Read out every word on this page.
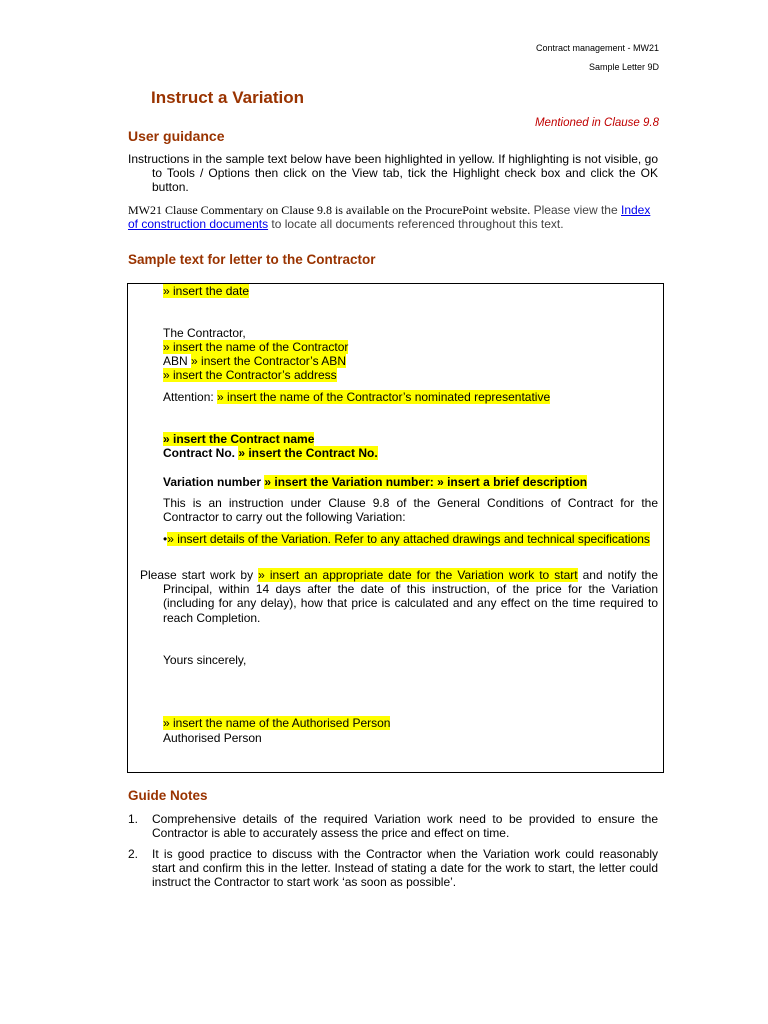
Contract management - MW21
Sample Letter 9D
Instruct a Variation
Mentioned in Clause 9.8
User guidance

Instructions in the sample text below have been highlighted in yellow. If highlighting is not visible, go to Tools / Options then click on the View tab, tick the Highlight check box and click the OK button.

MW21 Clause Commentary on Clause 9.8 is available on the ProcurePoint website. Please view the Index of construction documents to locate all documents referenced throughout this text.

Sample text for letter to the Contractor

» insert the date

The Contractor,

» insert the name of the Contractor

ABN » insert the Contractor’s ABN

» insert the Contractor’s address

Attention: » insert the name of the Contractor’s nominated representative

» insert the Contract name

Contract No. » insert the Contract No.

Variation number » insert the Variation number: » insert a brief description

This is an instruction under Clause 9.8 of the General Conditions of Contract for the Contractor to carry out the following Variation:

•» insert details of the Variation. Refer to any attached drawings and technical specifications

Please start work by » insert an appropriate date for the Variation work to start and notify the Principal, within 14 days after the date of this instruction, of the price for the Variation (including for any delay), how that price is calculated and any effect on the time required to reach Completion.

Yours sincerely,

» insert the name of the Authorised Person

Authorised Person

Guide Notes
1. Comprehensive details of the required Variation work need to be provided to ensure the Contractor is able to accurately assess the price and effect on time.
2. It is good practice to discuss with the Contractor when the Variation work could reasonably start and confirm this in the letter. Instead of stating a date for the work to start, the letter could instruct the Contractor to start work ‘as soon as possible’.
